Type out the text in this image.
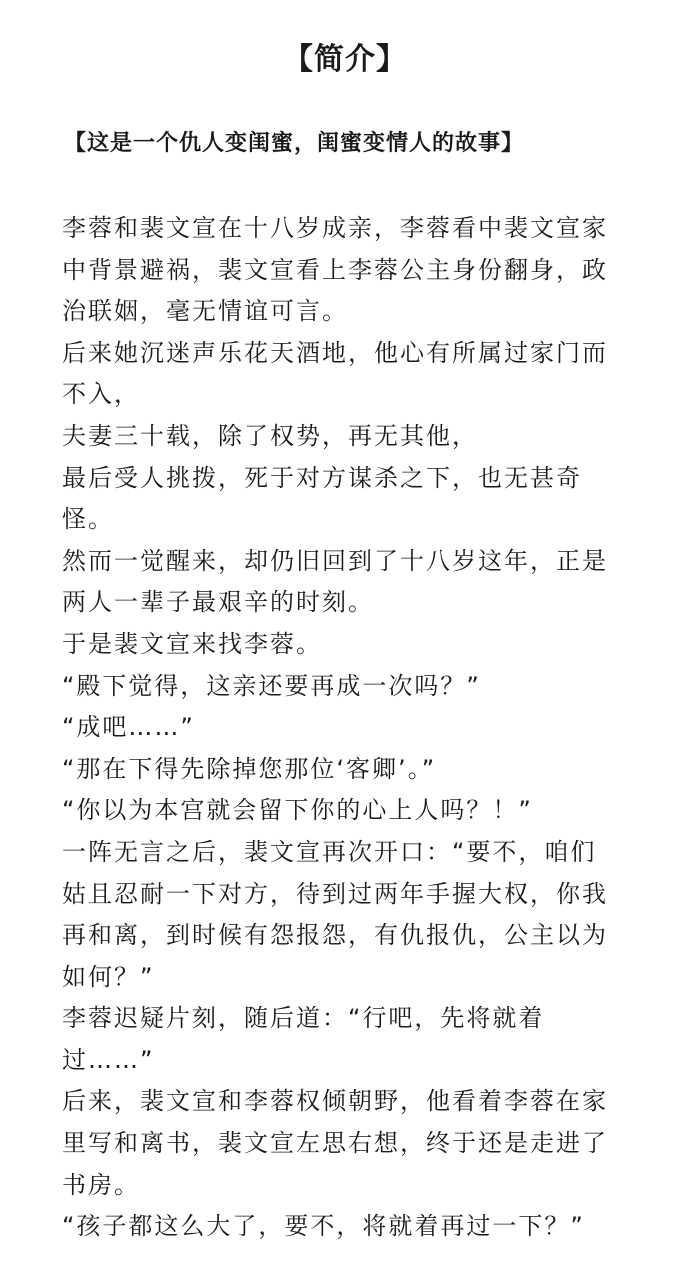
【简介】
【这是一个仇人变闺蜜，闺蜜变情人的故事】
李蓉和裴文宣在十八岁成亲，李蓉看中裴文宣家
中背景避祸，裴文宣看上李蓉公主身份翻身，政
治联姻，毫无情谊可言。
后来她沉迷声乐花天酒地，他心有所属过家门而
不入，
夫妻三十载，除了权势，再无其他，
最后受人挑拨，死于对方谋杀之下，也无甚奇
怪。
然而一觉醒来，却仍旧回到了十八岁这年，正是
两人一辈子最艰辛的时刻。
于是裴文宣来找李蓉。
“殿下觉得，这亲还要再成一次吗？”
“成吧……”
“那在下得先除掉您那位‘客卿’。”
“你以为本宫就会留下你的心上人吗？！”
一阵无言之后，裴文宣再次开口：“要不，咱们
姑且忍耐一下对方，待到过两年手握大权，你我
再和离，到时候有怨报怨，有仇报仇，公主以为
如何？”
李蓉迟疑片刻，随后道：“行吧，先将就着
过……”
后来，裴文宣和李蓉权倾朝野，他看着李蓉在家
里写和离书，裴文宣左思右想，终于还是走进了
书房。
“孩子都这么大了，要不，将就着再过一下？”
